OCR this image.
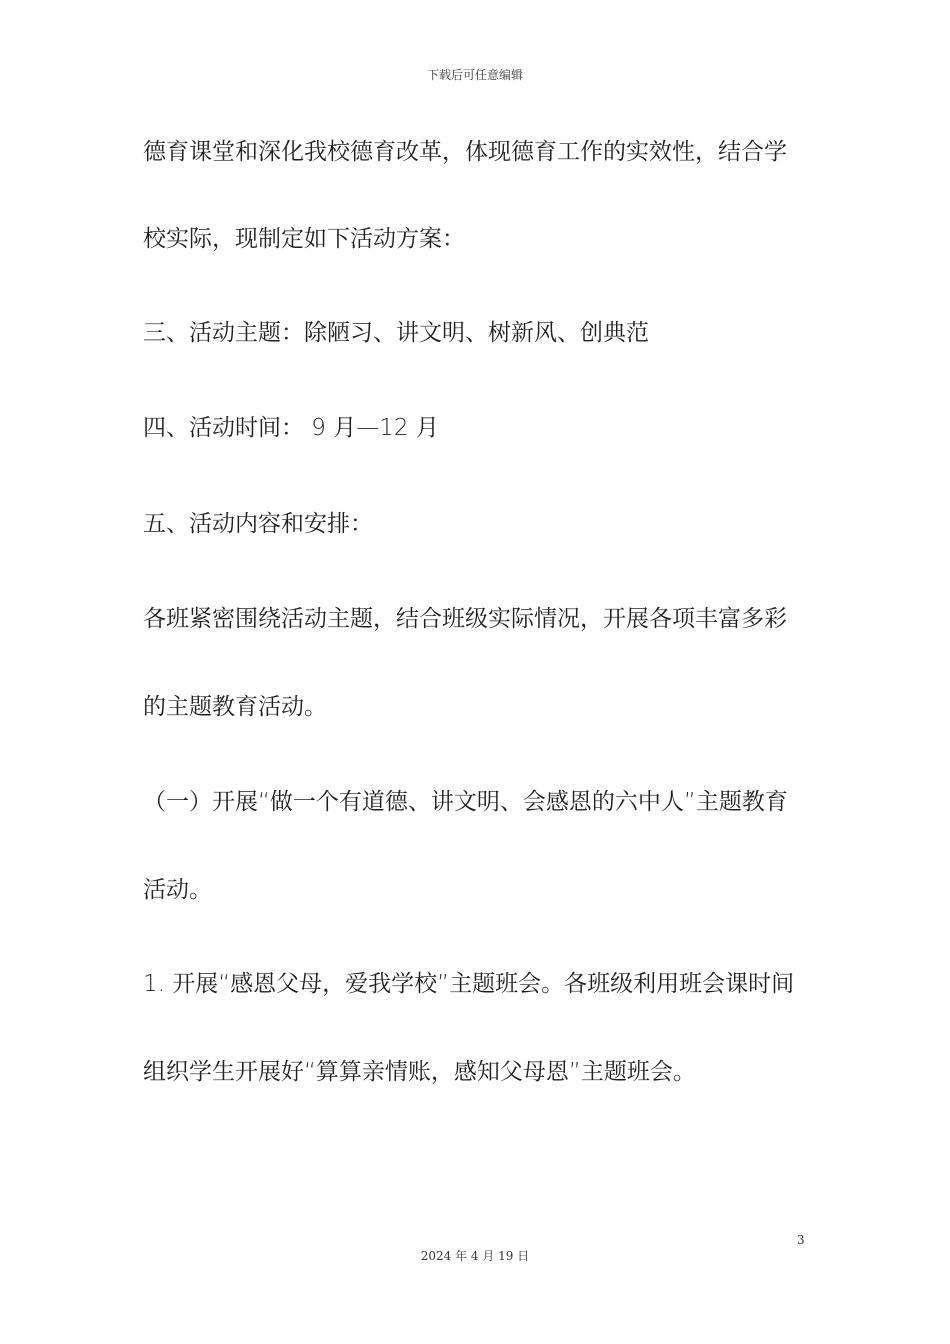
下载后可任意编辑
德育课堂和深化我校德育改革，体现德育工作的实效性，结合学
校实际，现制定如下活动方案：
三、活动主题：除陋习、讲文明、树新风、创典范
四、活动时间： 9 月—12 月
五、活动内容和安排：
各班紧密围绕活动主题，结合班级实际情况，开展各项丰富多彩
的主题教育活动。
（一）开展“做一个有道德、讲文明、会感恩的六中人”主题教育
活动。
1. 开展“感恩父母，爱我学校”主题班会。各班级利用班会课时间
组织学生开展好“算算亲情账，感知父母恩”主题班会。
3
2024 年 4 月 19 日
